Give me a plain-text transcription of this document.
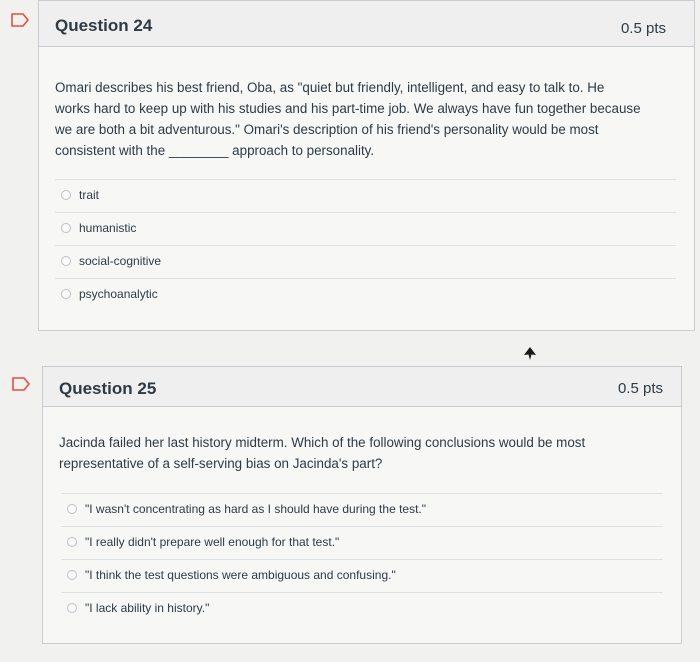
Question 24	0.5 pts
Omari describes his best friend, Oba, as "quiet but friendly, intelligent, and easy to talk to. He
works hard to keep up with his studies and his part-time job. We always have fun together because
we are both a bit adventurous." Omari's description of his friend's personality would be most
consistent with the ________ approach to personality.
trait
humanistic
social-cognitive
psychoanalytic
Question 25	0.5 pts
Jacinda failed her last history midterm. Which of the following conclusions would be most
representative of a self-serving bias on Jacinda's part?
"I wasn't concentrating as hard as I should have during the test."
"I really didn't prepare well enough for that test."
"I think the test questions were ambiguous and confusing."
"I lack ability in history."
